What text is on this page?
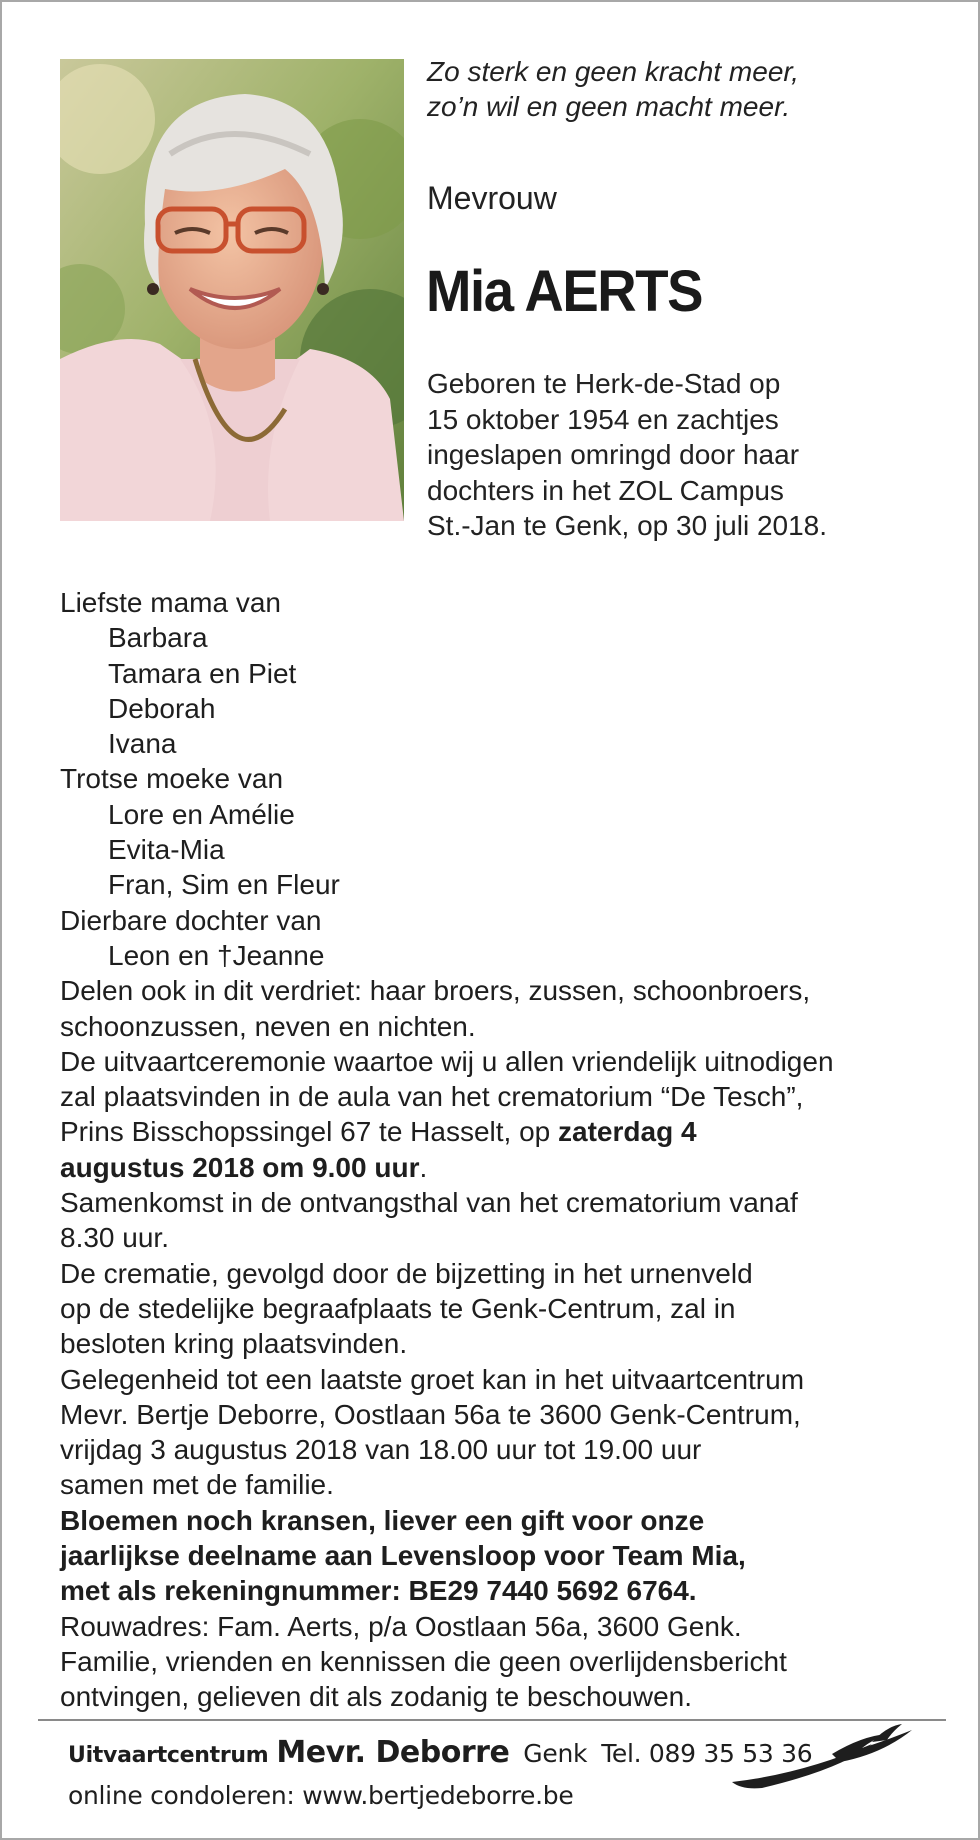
Zo sterk en geen kracht meer,
zo’n wil en geen macht meer.
Mevrouw
Mia AERTS
Geboren te Herk-de-Stad op
15 oktober 1954 en zachtjes
ingeslapen omringd door haar
dochters in het ZOL Campus
St.-Jan te Genk, op 30 juli 2018.
Liefste mama van
Barbara
Tamara en Piet
Deborah
Ivana
Trotse moeke van
Lore en Amélie
Evita-Mia
Fran, Sim en Fleur
Dierbare dochter van
Leon en †Jeanne
Delen ook in dit verdriet: haar broers, zussen, schoonbroers,
schoonzussen, neven en nichten.
De uitvaartceremonie waartoe wij u allen vriendelijk uitnodigen
zal plaatsvinden in de aula van het crematorium “De Tesch”,
Prins Bisschopssingel 67 te Hasselt, op zaterdag 4
augustus 2018 om 9.00 uur.
Samenkomst in de ontvangsthal van het crematorium vanaf
8.30 uur.
De crematie, gevolgd door de bijzetting in het urnenveld
op de stedelijke begraafplaats te Genk-Centrum, zal in
besloten kring plaatsvinden.
Gelegenheid tot een laatste groet kan in het uitvaartcentrum
Mevr. Bertje Deborre, Oostlaan 56a te 3600 Genk-Centrum,
vrijdag 3 augustus 2018 van 18.00 uur tot 19.00 uur
samen met de familie.
Bloemen noch kransen, liever een gift voor onze
jaarlijkse deelname aan Levensloop voor Team Mia,
met als rekeningnummer: BE29 7440 5692 6764.
Rouwadres: Fam. Aerts, p/a Oostlaan 56a, 3600 Genk.
Familie, vrienden en kennissen die geen overlijdensbericht
ontvingen, gelieven dit als zodanig te beschouwen.
Uitvaartcentrum Mevr. Deborre Genk Tel. 089 35 53 36
online condoleren: www.bertjedeborre.be
